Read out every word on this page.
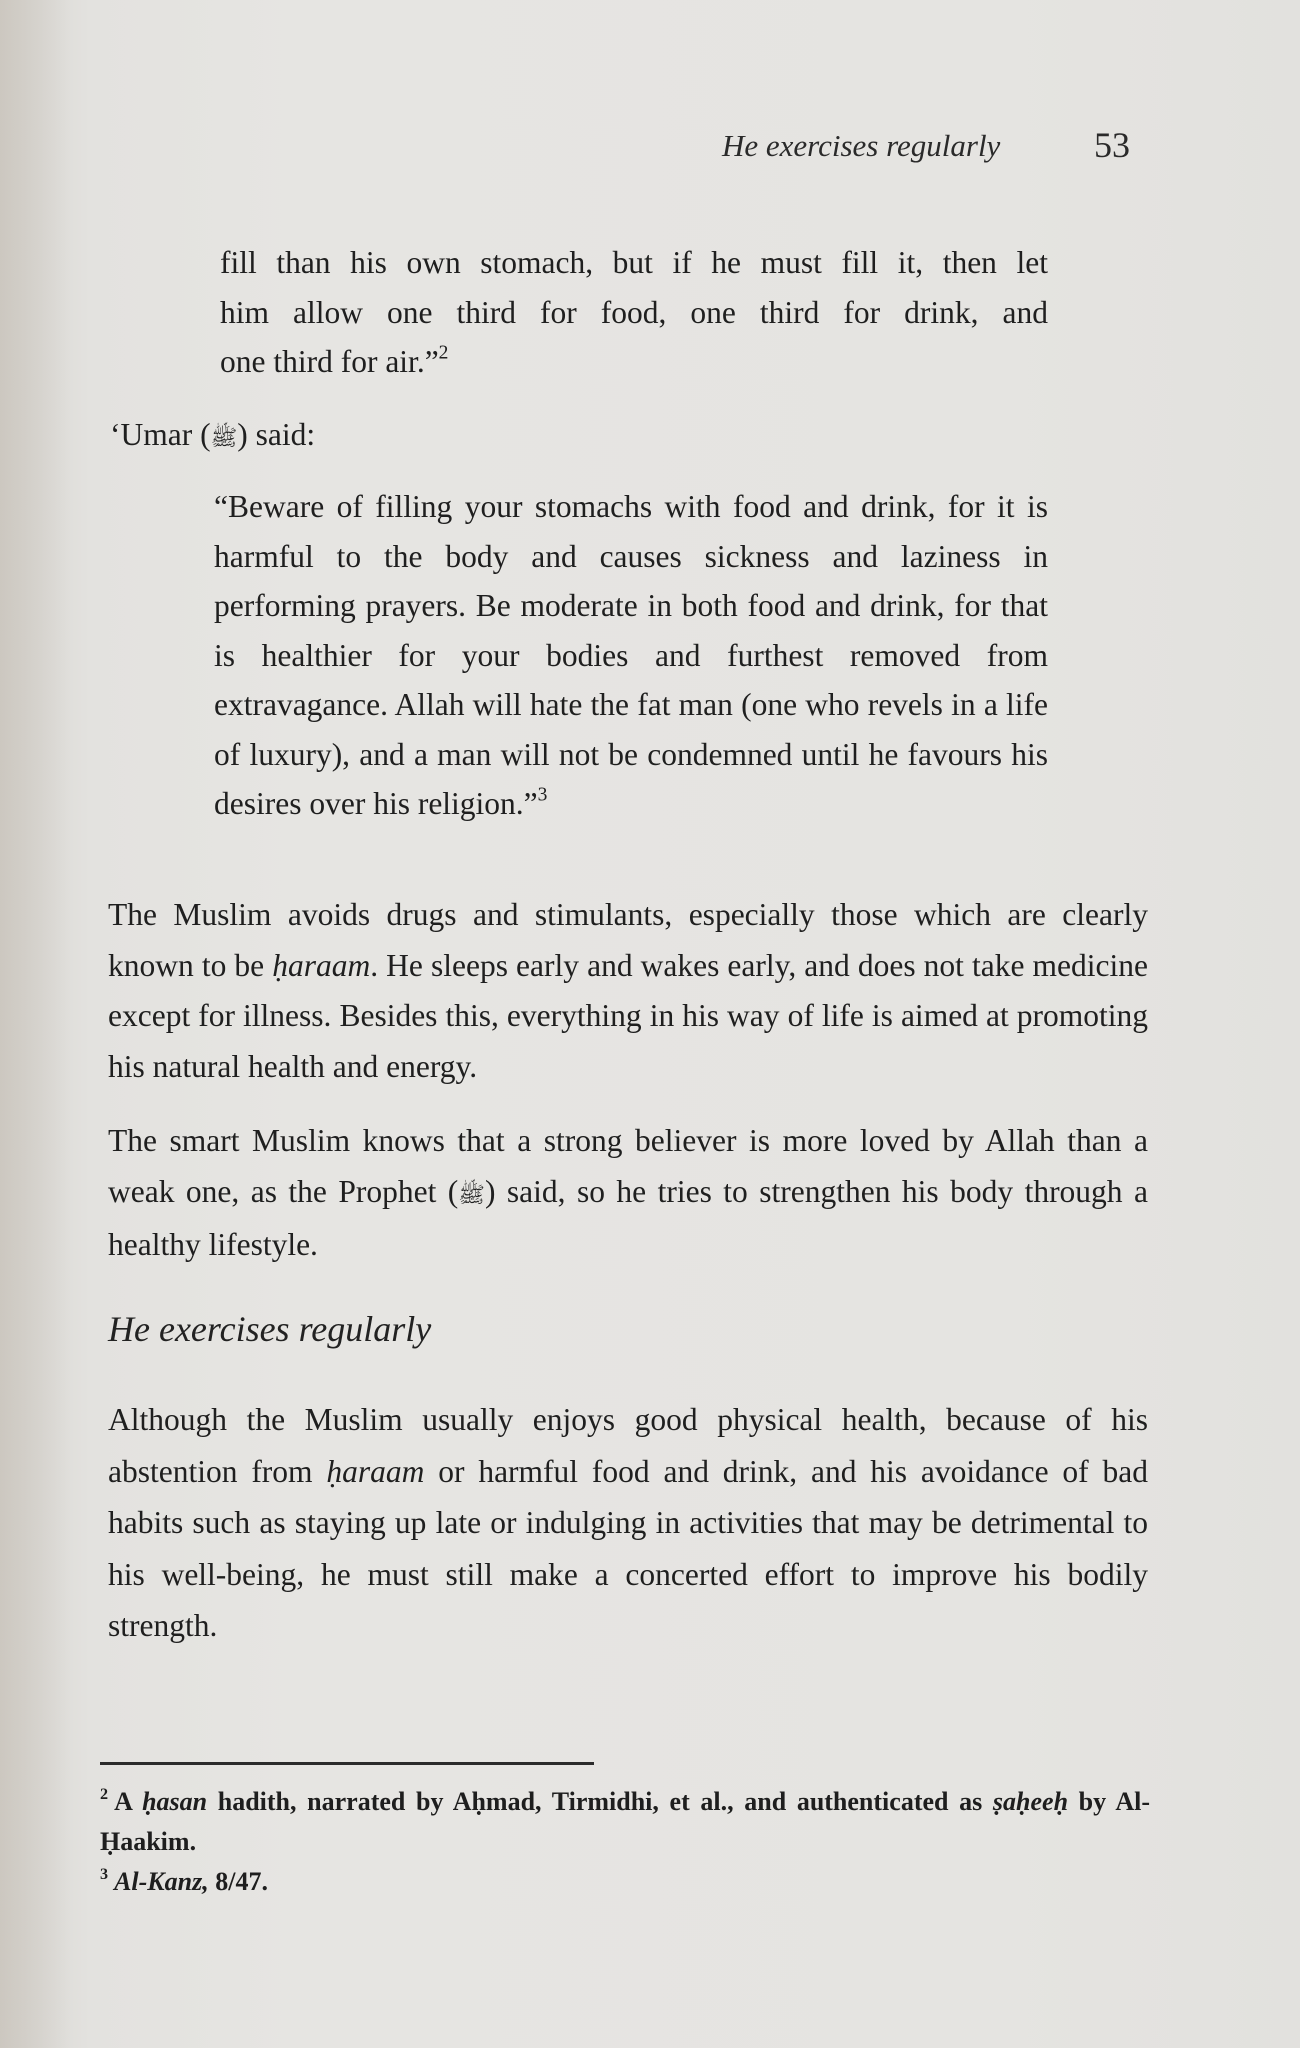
He exercises regularly	53

fill than his own stomach, but if he must fill it, then let

him allow one third for food, one third for drink, and

one third for air.”$^2$

‘Umar (ﷺ) said:

“Beware of filling your stomachs with food and drink, for it is harmful to the body and causes sickness and laziness in performing prayers. Be moderate in both food and drink, for that is healthier for your bodies and furthest removed from extravagance. Allah will hate the fat man (one who revels in a life of luxury), and a man will not be condemned until he favours his desires over his religion.”$^3$

The Muslim avoids drugs and stimulants, especially those which are clearly known to be ḥaraam. He sleeps early and wakes early, and does not take medicine except for illness. Besides this, everything in his way of life is aimed at promoting his natural health and energy.

The smart Muslim knows that a strong believer is more loved by Allah than a weak one, as the Prophet (ﷺ) said, so he tries to strengthen his body through a healthy lifestyle.

He exercises regularly

Although the Muslim usually enjoys good physical health, because of his abstention from ḥaraam or harmful food and drink, and his avoidance of bad habits such as staying up late or indulging in activities that may be detrimental to his well-being, he must still make a concerted effort to improve his bodily strength.

$^2$ A ḥasan hadith, narrated by Aḥmad, Tirmidhi, et al., and authenticated as ṣaḥeeḥ by Al-Ḥaakim.

$^3$ Al-Kanz, 8/47.
